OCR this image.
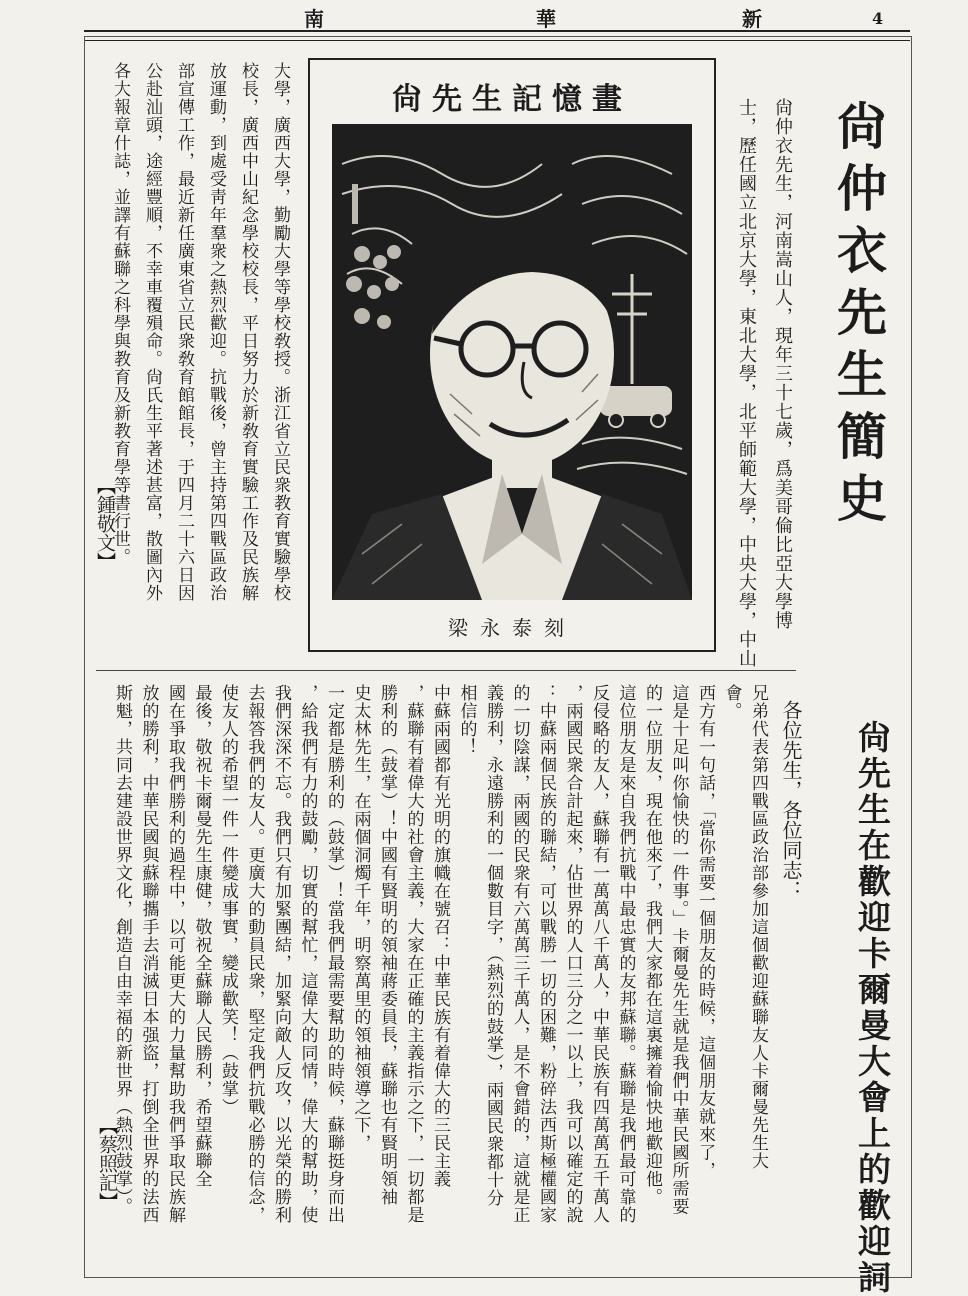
南	華	新	4
尙仲衣先生簡史
尙仲衣先生，河南嵩山人，現年三十七歲，爲美哥倫比亞大學博
士，歷任國立北京大學，東北大學，北平師範大學，中央大學，中山
大學，廣西大學，勤勵大學等學校敎授。浙江省立民衆教育實驗學校
校長，廣西中山紀念學校校長，平日努力於新敎育實驗工作及民族解
放運動，到處受靑年羣衆之熱烈歡迎。抗戰後，曾主持第四戰區政治
部宣傳工作，最近新任廣東省立民衆敎育館館長，于四月二十六日因
公赴汕頭，途經豐順，不幸車覆殞命。尙氏生平著述甚富，散圖內外
各大報章什誌，並譯有蘇聯之科學與教育及新教育學等書行世。	尙先生記憶畫
梁永泰刻
尙先生在歡迎卡爾曼大會上的歡迎詞
各位先生，各位同志：
兄弟代表第四戰區政治部參加這個歡迎蘇聯友人卡爾曼先生大
會。
西方有一句話，「當你需要一個朋友的時候，這個朋友就來了，
這是十足叫你愉快的一件事。」卡爾曼先生就是我們中華民國所需要
的一位朋友，現在他來了，我們大家都在這裏擁着愉快地歡迎他。
這位朋友是來自我們抗戰中最忠實的友邦蘇聯。蘇聯是我們最可靠的
反侵略的友人，蘇聯有一萬萬八千萬人，中華民族有四萬萬五千萬人
，兩國民衆合計起來，佔世界的人口三分之一以上，我可以確定的說
：中蘇兩個民族的聯結，可以戰勝一切的困難，粉碎法西斯極權國家
的一切陰謀，兩國的民衆有六萬萬三千萬人，是不會錯的，這就是正
義勝利，永遠勝利的一個數目字，（熱烈的鼓掌），兩國民衆都十分
相信的！
中蘇兩國都有光明的旗幟在號召：中華民族有着偉大的三民主義
，蘇聯有着偉大的社會主義，大家在正確的主義指示之下，一切都是
勝利的（鼓掌）！中國有賢明的領袖蔣委員長，蘇聯也有賢明領袖
史太林先生，在兩個洞燭千年，明察萬里的領袖領導之下，
一定都是勝利的（鼓掌）！當我們最需要幫助的時候，蘇聯挺身而出
，給我們有力的鼓勵，切實的幫忙，這偉大的同情，偉大的幫助，使
我們深深不忘。我們只有加緊團結，加緊向敵人反攻，以光榮的勝利
去報答我們的友人。更廣大的動員民衆，堅定我們抗戰必勝的信念，
使友人的希望一件一件變成事實，變成歡笑！（鼓掌）
最後，敬祝卡爾曼先生康健，敬祝全蘇聯人民勝利，希望蘇聯全
國在爭取我們勝利的過程中，以可能更大的力量幫助我們爭取民族解
放的勝利，中華民國與蘇聯攜手去消滅日本强盜，打倒全世界的法西
斯魁，共同去建設世界文化，創造自由幸福的新世界（熱烈鼓掌）。
【蔡照記】
【鍾敬文】
